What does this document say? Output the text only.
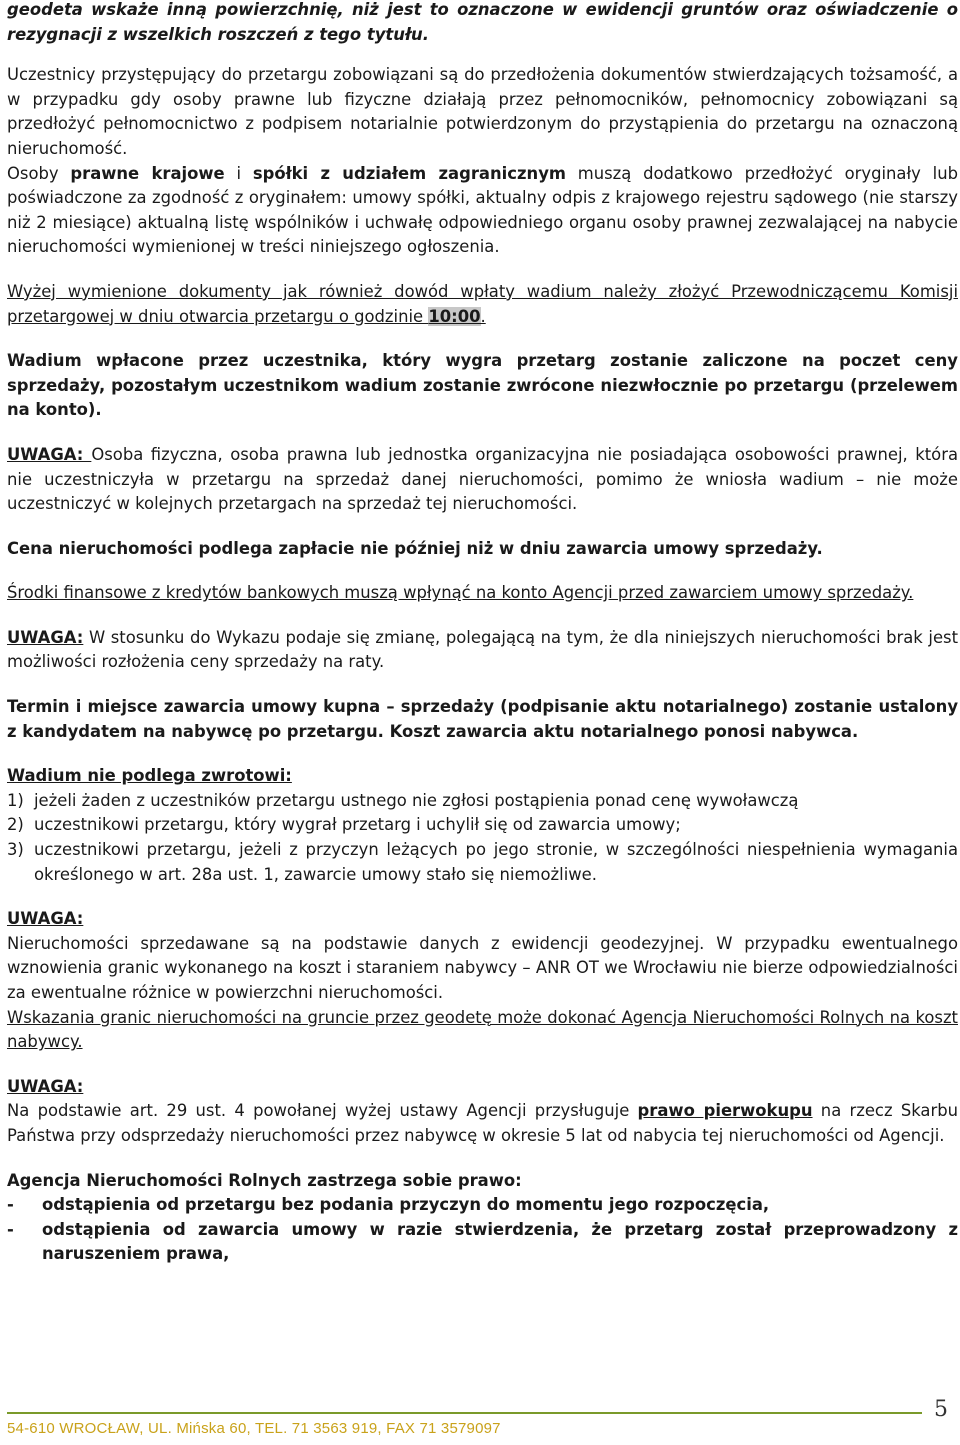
geodeta wskaże inną powierzchnię, niż jest to oznaczone w ewidencji gruntów oraz oświadczenie o rezygnacji z wszelkich roszczeń z tego tytułu.

Uczestnicy przystępujący do przetargu zobowiązani są do przedłożenia dokumentów stwierdzających tożsamość, a w przypadku gdy osoby prawne lub fizyczne działają przez pełnomocników, pełnomocnicy zobowiązani są przedłożyć pełnomocnictwo z podpisem notarialnie potwierdzonym do przystąpienia do przetargu na oznaczoną nieruchomość.

Osoby prawne krajowe i spółki z udziałem zagranicznym muszą dodatkowo przedłożyć oryginały lub poświadczone za zgodność z oryginałem: umowy spółki, aktualny odpis z krajowego rejestru sądowego (nie starszy niż 2 miesiące) aktualną listę wspólników i uchwałę odpowiedniego organu osoby prawnej zezwalającej na nabycie nieruchomości wymienionej w treści niniejszego ogłoszenia.

Wyżej wymienione dokumenty jak również dowód wpłaty wadium należy złożyć Przewodniczącemu Komisji przetargowej w dniu otwarcia przetargu o godzinie 10:00.

Wadium wpłacone przez uczestnika, który wygra przetarg zostanie zaliczone na poczet ceny sprzedaży, pozostałym uczestnikom wadium zostanie zwrócone niezwłocznie po przetargu (przelewem na konto).

UWAGA: Osoba fizyczna, osoba prawna lub jednostka organizacyjna nie posiadająca osobowości prawnej, która nie uczestniczyła w przetargu na sprzedaż danej nieruchomości, pomimo że wniosła wadium – nie może uczestniczyć w kolejnych przetargach na sprzedaż tej nieruchomości.

Cena nieruchomości podlega zapłacie nie później niż w dniu zawarcia umowy sprzedaży.

Środki finansowe z kredytów bankowych muszą wpłynąć na konto Agencji przed zawarciem umowy sprzedaży.

UWAGA: W stosunku do Wykazu podaje się zmianę, polegającą na tym, że dla niniejszych nieruchomości brak jest możliwości rozłożenia ceny sprzedaży na raty.

Termin i miejsce zawarcia umowy kupna – sprzedaży (podpisanie aktu notarialnego) zostanie ustalony z kandydatem na nabywcę po przetargu. Koszt zawarcia aktu notarialnego ponosi nabywca.

Wadium nie podlega zwrotowi:

1) jeżeli żaden z uczestników przetargu ustnego nie zgłosi postąpienia ponad cenę wywoławczą
2) uczestnikowi przetargu, który wygrał przetarg i uchylił się od zawarcia umowy;
3) uczestnikowi przetargu, jeżeli z przyczyn leżących po jego stronie, w szczególności niespełnienia wymagania określonego w art. 28a ust. 1, zawarcie umowy stało się niemożliwe.

UWAGA:

Nieruchomości sprzedawane są na podstawie danych z ewidencji geodezyjnej. W przypadku ewentualnego wznowienia granic wykonanego na koszt i staraniem nabywcy – ANR OT we Wrocławiu nie bierze odpowiedzialności za ewentualne różnice w powierzchni nieruchomości.

Wskazania granic nieruchomości na gruncie przez geodetę może dokonać Agencja Nieruchomości Rolnych na koszt nabywcy.

UWAGA:

Na podstawie art. 29 ust. 4 powołanej wyżej ustawy Agencji przysługuje prawo pierwokupu na rzecz Skarbu Państwa przy odsprzedaży nieruchomości przez nabywcę w okresie 5 lat od nabycia tej nieruchomości od Agencji.

Agencja Nieruchomości Rolnych zastrzega sobie prawo:

- odstąpienia od przetargu bez podania przyczyn do momentu jego rozpoczęcia,
- odstąpienia od zawarcia umowy w razie stwierdzenia, że przetarg został przeprowadzony z naruszeniem prawa,
54-610 WROCŁAW, UL. Mińska 60, TEL. 71 3563 919, FAX 71 3579097
5
